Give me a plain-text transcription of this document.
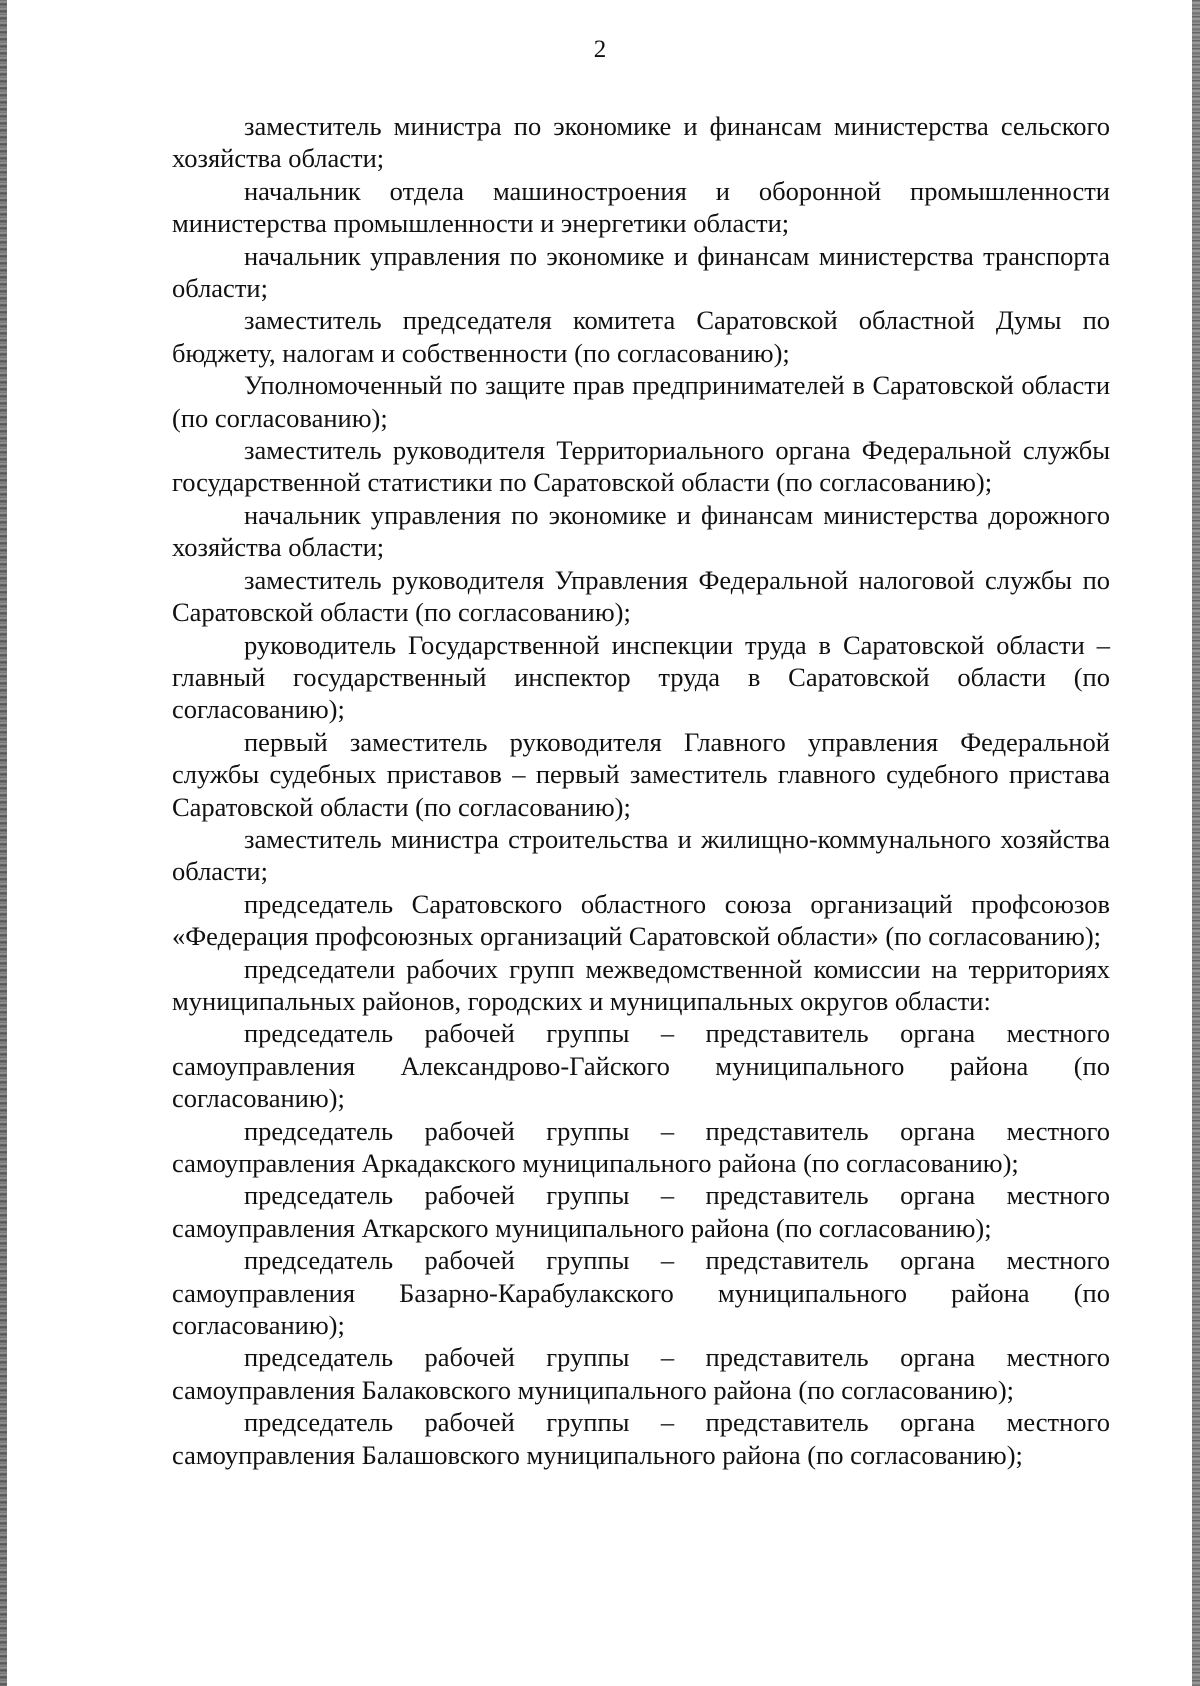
2

заместитель министра по экономике и финансам министерства сельского хозяйства области;

начальник отдела машиностроения и оборонной промышленности министерства промышленности и энергетики области;

начальник управления по экономике и финансам министерства транспорта области;

заместитель председателя комитета Саратовской областной Думы по бюджету, налогам и собственности (по согласованию);

Уполномоченный по защите прав предпринимателей в Саратовской области (по согласованию);

заместитель руководителя Территориального органа Федеральной службы государственной статистики по Саратовской области (по согласованию);

начальник управления по экономике и финансам министерства дорожного хозяйства области;

заместитель руководителя Управления Федеральной налоговой службы по Саратовской области (по согласованию);

руководитель Государственной инспекции труда в Саратовской области – главный государственный инспектор труда в Саратовской области (по согласованию);

первый заместитель руководителя Главного управления Федеральной службы судебных приставов – первый заместитель главного судебного пристава Саратовской области (по согласованию);

заместитель министра строительства и жилищно-коммунального хозяйства области;

председатель Саратовского областного союза организаций профсоюзов «Федерация профсоюзных организаций Саратовской области» (по согласованию);

председатели рабочих групп межведомственной комиссии на территориях муниципальных районов, городских и муниципальных округов области:

председатель рабочей группы – представитель органа местного самоуправления Александрово-Гайского муниципального района (по согласованию);

председатель рабочей группы – представитель органа местного самоуправления Аркадакского муниципального района (по согласованию);

председатель рабочей группы – представитель органа местного самоуправления Аткарского муниципального района (по согласованию);

председатель рабочей группы – представитель органа местного самоуправления Базарно-Карабулакского муниципального района (по согласованию);

председатель рабочей группы – представитель органа местного самоуправления Балаковского муниципального района (по согласованию);

председатель рабочей группы – представитель органа местного самоуправления Балашовского муниципального района (по согласованию);
